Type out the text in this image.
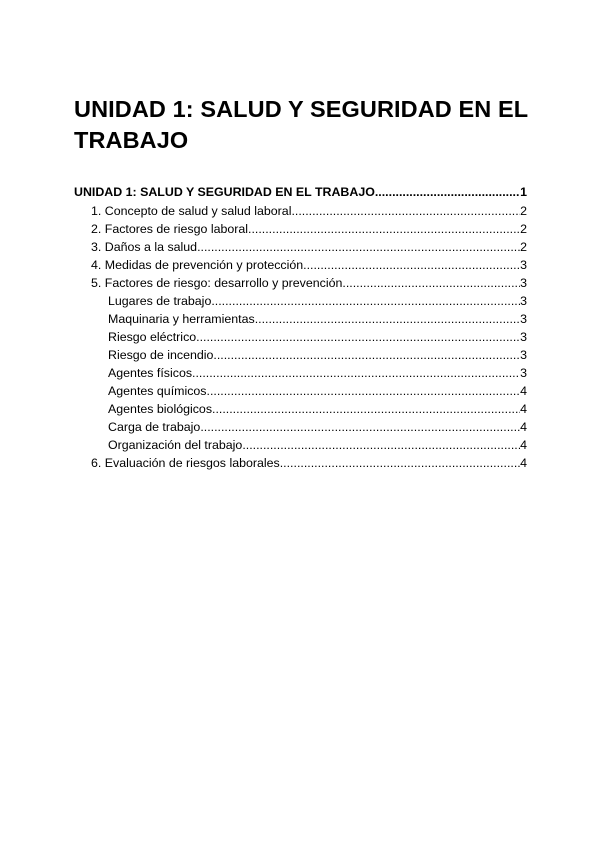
UNIDAD 1: SALUD Y SEGURIDAD EN EL TRABAJO
UNIDAD 1: SALUD Y SEGURIDAD EN EL TRABAJO .....	1
1. Concepto de salud y salud laboral .....	2
2. Factores de riesgo laboral .....	2
3. Daños a la salud .....	2
4. Medidas de prevención y protección .....	3
5. Factores de riesgo: desarrollo y prevención .....	3
Lugares de trabajo .....	3
Maquinaria y herramientas .....	3
Riesgo eléctrico .....	3
Riesgo de incendio .....	3
Agentes físicos .....	3
Agentes químicos .....	4
Agentes biológicos .....	4
Carga de trabajo .....	4
Organización del trabajo .....	4
6. Evaluación de riesgos laborales .....	4
